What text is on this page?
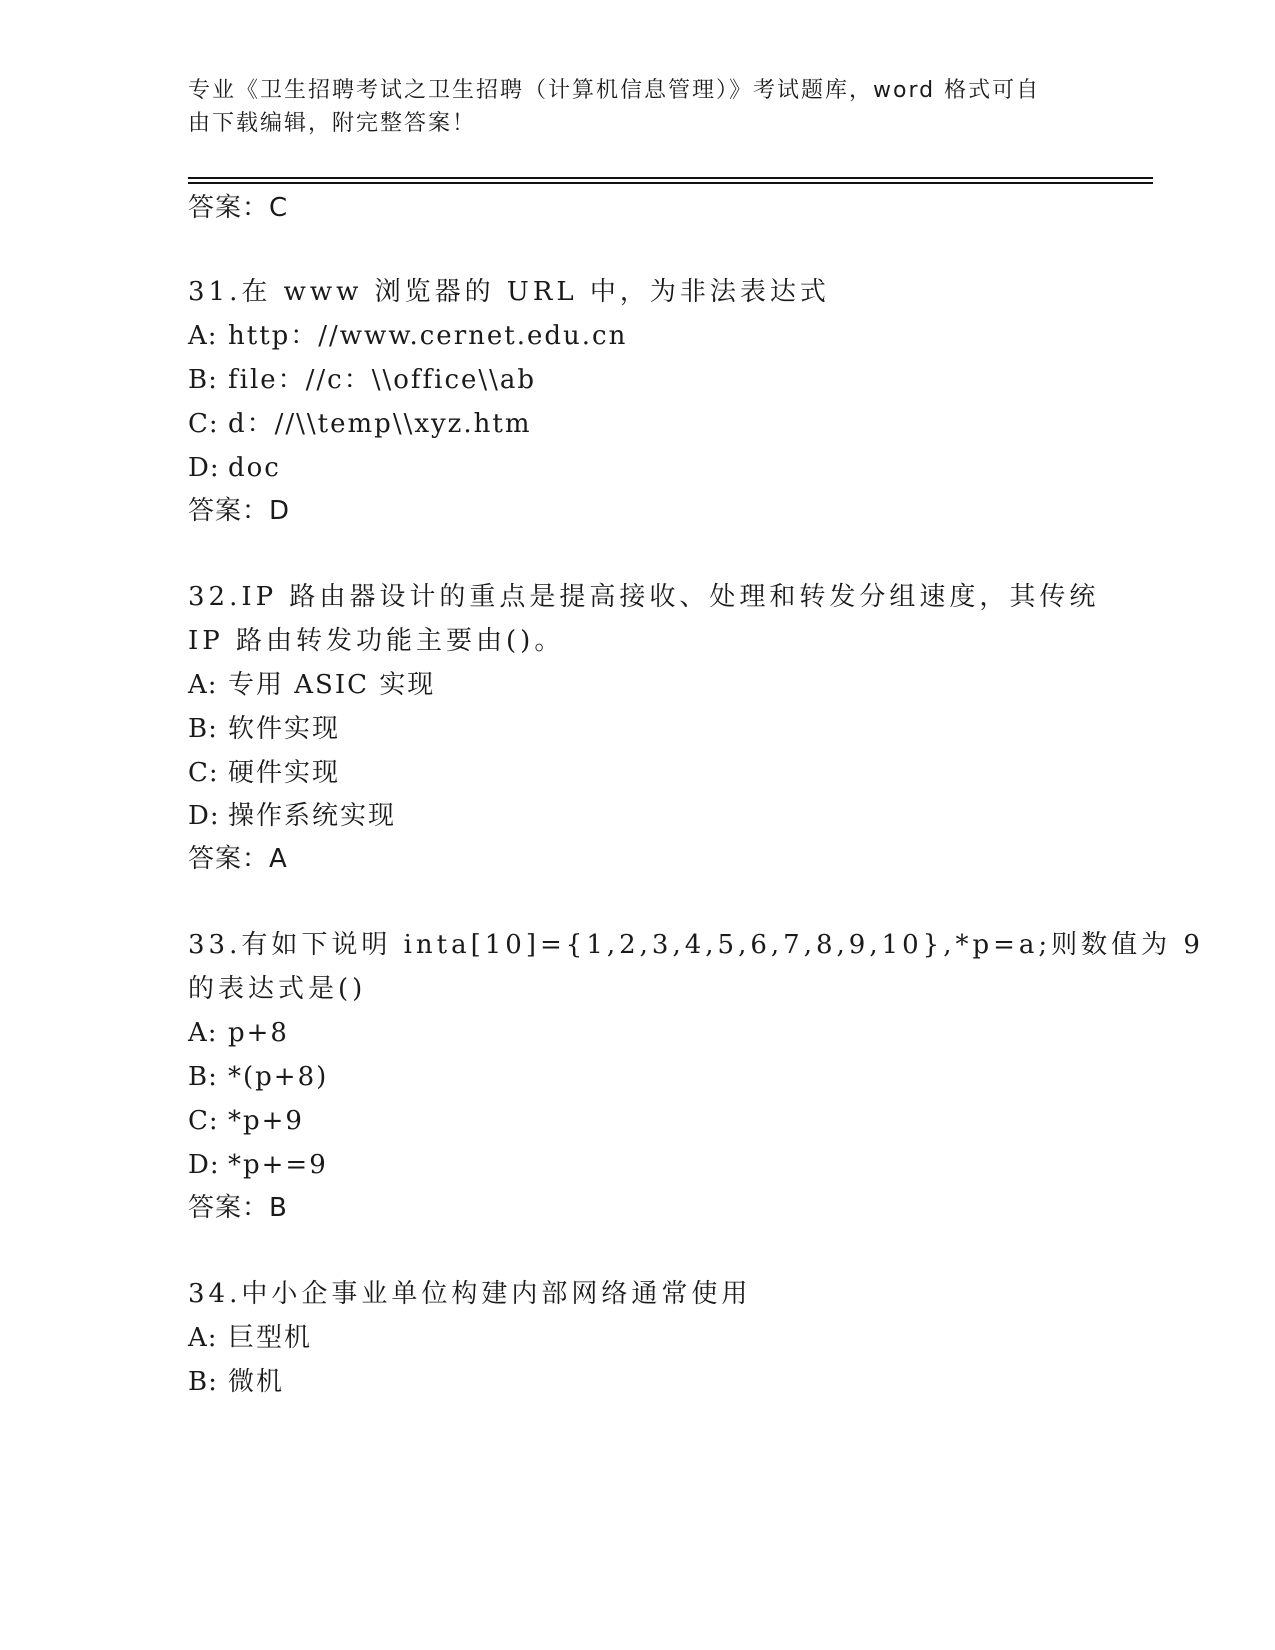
专业《卫生招聘考试之卫生招聘（计算机信息管理）》考试题库，word 格式可自
由下载编辑，附完整答案！
答案：C
31.在 www 浏览器的 URL 中，为非法表达式
A: http：//www.cernet.edu.cn
B: file：//c：\\office\\ab
C: d：//\\temp\\xyz.htm
D: doc
答案：D
32.IP 路由器设计的重点是提高接收、处理和转发分组速度，其传统
IP 路由转发功能主要由()。
A: 专用 ASIC 实现
B: 软件实现
C: 硬件实现
D: 操作系统实现
答案：A
33.有如下说明 inta[10]={1,2,3,4,5,6,7,8,9,10},*p=a;则数值为 9
的表达式是()
A: p+8
B: *(p+8)
C: *p+9
D: *p+=9
答案：B
34.中小企事业单位构建内部网络通常使用
A: 巨型机
B: 微机
